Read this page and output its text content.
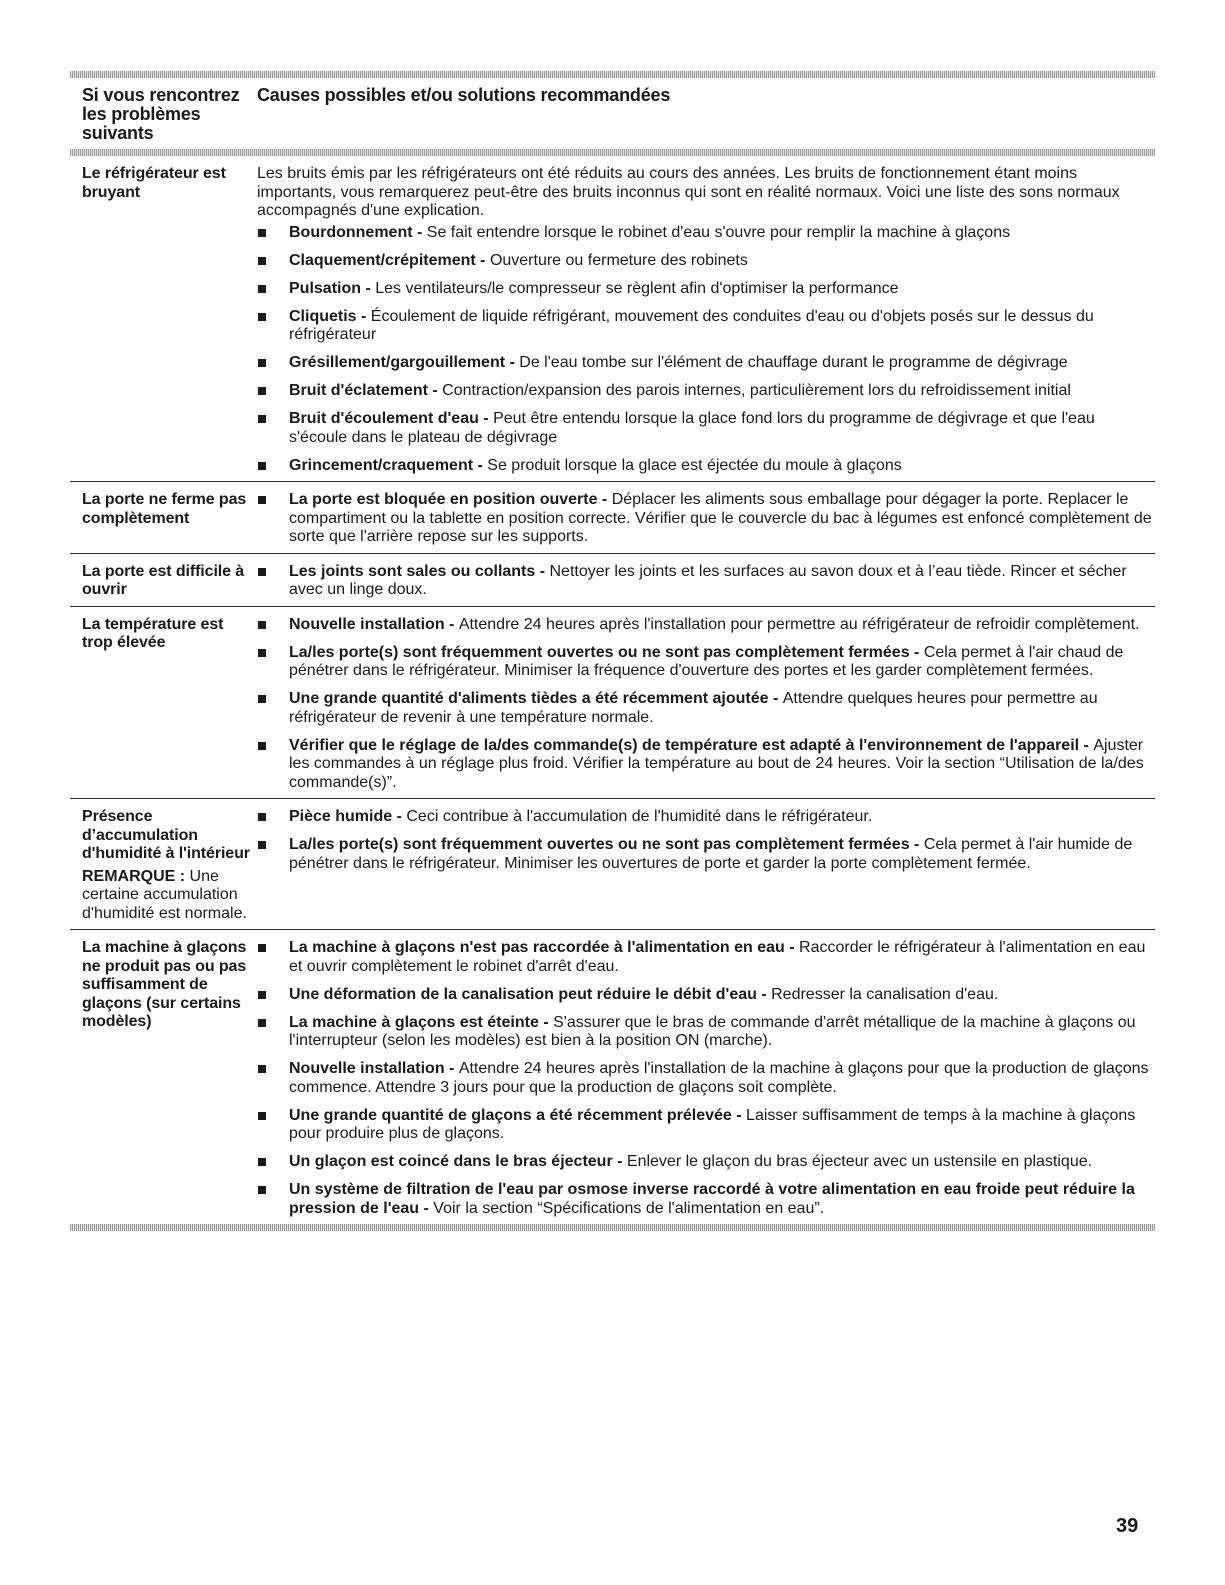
Si vous rencontrez les problèmes suivants
Causes possibles et/ou solutions recommandées
Le réfrigérateur est bruyant

Les bruits émis par les réfrigérateurs ont été réduits au cours des années. Les bruits de fonctionnement étant moins importants, vous remarquerez peut-être des bruits inconnus qui sont en réalité normaux. Voici une liste des sons normaux accompagnés d'une explication.

Bourdonnement - Se fait entendre lorsque le robinet d'eau s'ouvre pour remplir la machine à glaçons
Claquement/crépitement - Ouverture ou fermeture des robinets
Pulsation - Les ventilateurs/le compresseur se règlent afin d'optimiser la performance
Cliquetis - Écoulement de liquide réfrigérant, mouvement des conduites d'eau ou d'objets posés sur le dessus du réfrigérateur
Grésillement/gargouillement - De l'eau tombe sur l'élément de chauffage durant le programme de dégivrage
Bruit d'éclatement - Contraction/expansion des parois internes, particulièrement lors du refroidissement initial
Bruit d'écoulement d'eau - Peut être entendu lorsque la glace fond lors du programme de dégivrage et que l'eau s'écoule dans le plateau de dégivrage
Grincement/craquement - Se produit lorsque la glace est éjectée du moule à glaçons
La porte ne ferme pas complètement
La porte est bloquée en position ouverte - Déplacer les aliments sous emballage pour dégager la porte. Replacer le compartiment ou la tablette en position correcte. Vérifier que le couvercle du bac à légumes est enfoncé complètement de sorte que l'arrière repose sur les supports.
La porte est difficile à ouvrir
Les joints sont sales ou collants - Nettoyer les joints et les surfaces au savon doux et à l’eau tiède. Rincer et sécher avec un linge doux.
La température est trop élevée
Nouvelle installation - Attendre 24 heures après l'installation pour permettre au réfrigérateur de refroidir complètement.
La/les porte(s) sont fréquemment ouvertes ou ne sont pas complètement fermées - Cela permet à l'air chaud de pénétrer dans le réfrigérateur. Minimiser la fréquence d'ouverture des portes et les garder complètement fermées.
Une grande quantité d'aliments tièdes a été récemment ajoutée - Attendre quelques heures pour permettre au réfrigérateur de revenir à une température normale.
Vérifier que le réglage de la/des commande(s) de température est adapté à l'environnement de l'appareil - Ajuster les commandes à un réglage plus froid. Vérifier la température au bout de 24 heures. Voir la section “Utilisation de la/des commande(s)”.
Présence d’accumulation d'humidité à l'intérieur
REMARQUE : Une certaine accumulation d'humidité est normale.
Pièce humide - Ceci contribue à l'accumulation de l'humidité dans le réfrigérateur.
La/les porte(s) sont fréquemment ouvertes ou ne sont pas complètement fermées - Cela permet à l'air humide de pénétrer dans le réfrigérateur. Minimiser les ouvertures de porte et garder la porte complètement fermée.
La machine à glaçons ne produit pas ou pas suffisamment de glaçons (sur certains modèles)
La machine à glaçons n'est pas raccordée à l'alimentation en eau - Raccorder le réfrigérateur à l'alimentation en eau et ouvrir complètement le robinet d'arrêt d'eau.
Une déformation de la canalisation peut réduire le débit d'eau - Redresser la canalisation d'eau.
La machine à glaçons est éteinte - S'assurer que le bras de commande d'arrêt métallique de la machine à glaçons ou l'interrupteur (selon les modèles) est bien à la position ON (marche).
Nouvelle installation - Attendre 24 heures après l'installation de la machine à glaçons pour que la production de glaçons commence. Attendre 3 jours pour que la production de glaçons soit complète.
Une grande quantité de glaçons a été récemment prélevée - Laisser suffisamment de temps à la machine à glaçons pour produire plus de glaçons.
Un glaçon est coincé dans le bras éjecteur - Enlever le glaçon du bras éjecteur avec un ustensile en plastique.
Un système de filtration de l'eau par osmose inverse raccordé à votre alimentation en eau froide peut réduire la pression de l'eau - Voir la section “Spécifications de l'alimentation en eau”.
39
